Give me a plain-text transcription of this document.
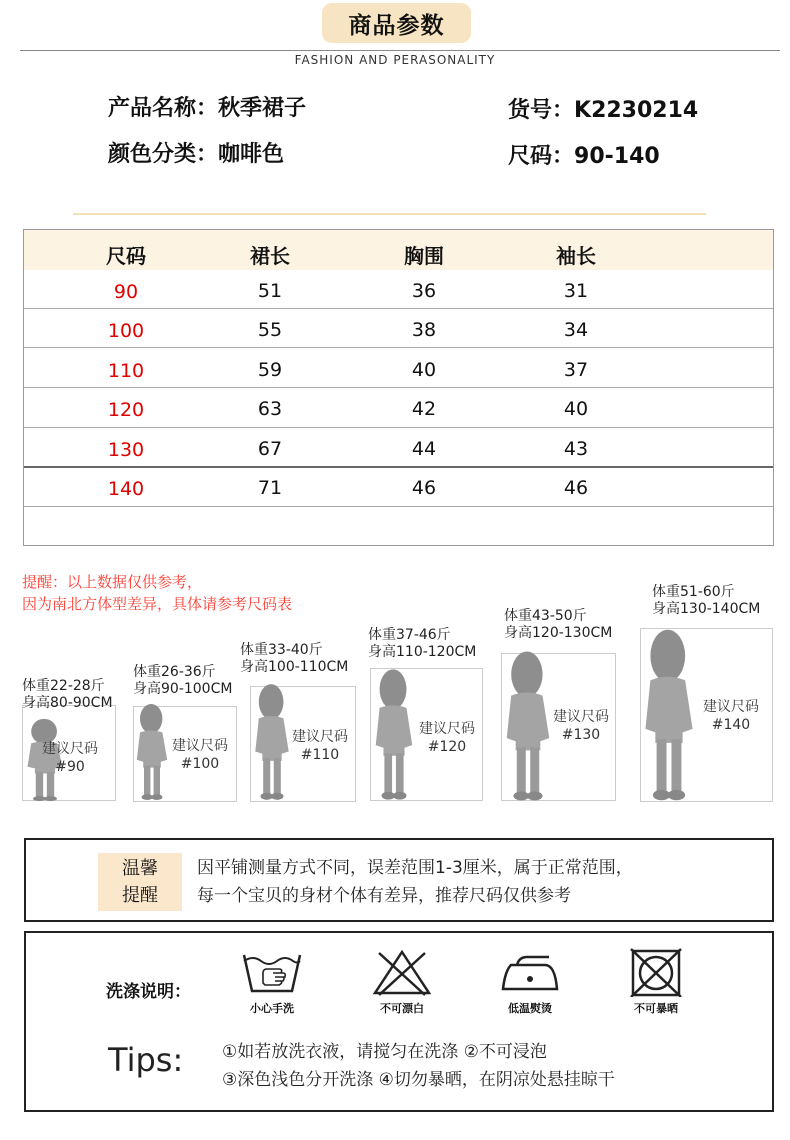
商品参数
FASHION AND PERASONALITY
产品名称：秋季裙子	货号：K2230214
颜色分类：咖啡色	尺码：90-140
尺码	裙长	胸围	袖长
90	51	36	31
100	55	38	34
110	59	40	37
120	63	42	40
130	67	44	43
140	71	46	46
提醒：以上数据仅供参考，
因为南北方体型差异，具体请参考尺码表
体重22-28斤
身高80-90CM
建议尺码
#90
体重26-36斤
身高90-100CM
建议尺码
#100
体重33-40斤
身高100-110CM
建议尺码
#110
体重37-46斤
身高110-120CM
建议尺码
#120
体重43-50斤
身高120-130CM
建议尺码
#130
体重51-60斤
身高130-140CM
建议尺码
#140
温馨
提醒
因平铺测量方式不同，误差范围1-3厘米，属于正常范围，
每一个宝贝的身材个体有差异，推荐尺码仅供参考
洗涤说明：
小心手洗	不可漂白	低温熨烫	不可暴晒
Tips: ①如若放洗衣液，请搅匀在洗涤 ②不可浸泡
③深色浅色分开洗涤 ④切勿暴晒，在阴凉处悬挂晾干
